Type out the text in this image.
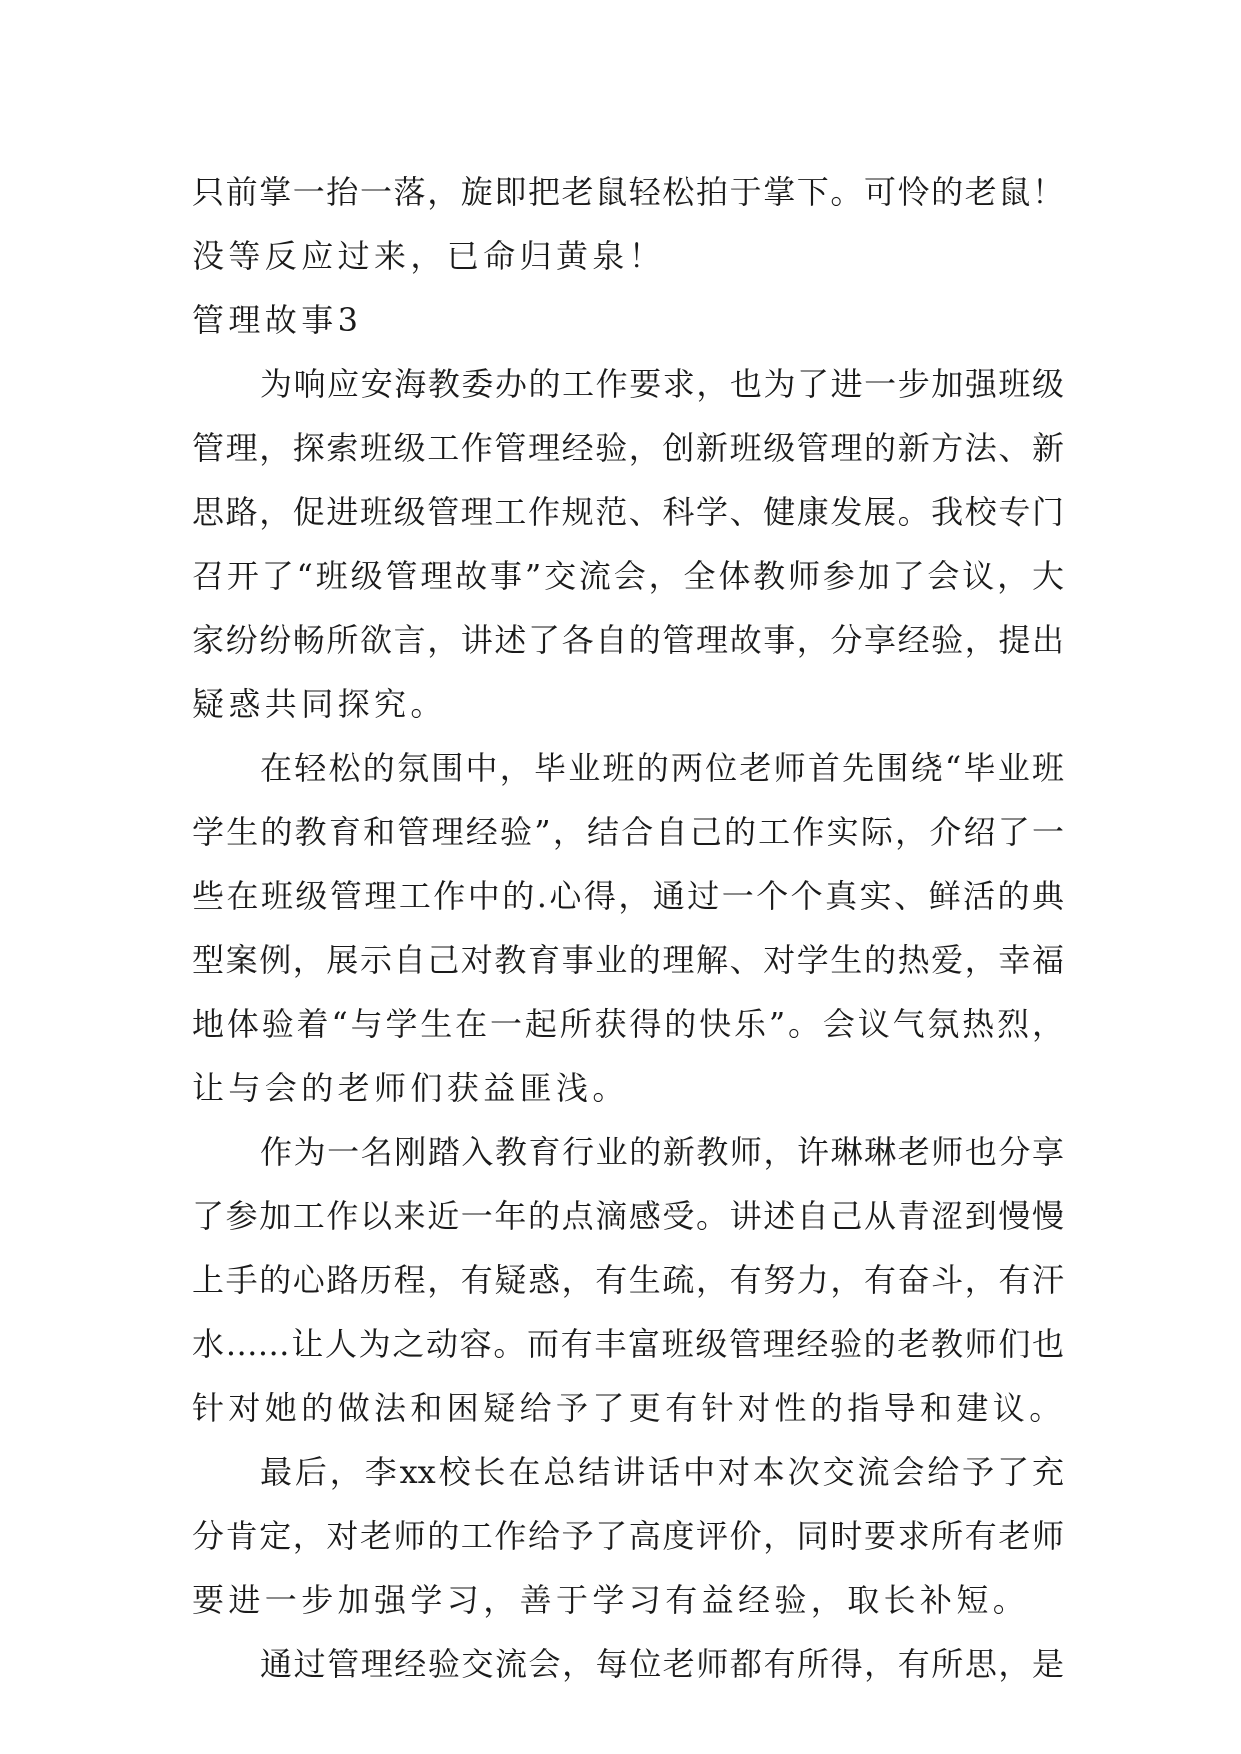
只前掌一抬一落，旋即把老鼠轻松拍于掌下。可怜的老鼠！
没等反应过来，已命归黄泉！
管理故事3
为响应安海教委办的工作要求，也为了进一步加强班级
管理，探索班级工作管理经验，创新班级管理的新方法、新
思路，促进班级管理工作规范、科学、健康发展。我校专门
召开了“班级管理故事”交流会，全体教师参加了会议，大
家纷纷畅所欲言，讲述了各自的管理故事，分享经验，提出
疑惑共同探究。
在轻松的氛围中，毕业班的两位老师首先围绕“毕业班
学生的教育和管理经验”，结合自己的工作实际，介绍了一
些在班级管理工作中的.心得，通过一个个真实、鲜活的典
型案例，展示自己对教育事业的理解、对学生的热爱，幸福
地体验着“与学生在一起所获得的快乐”。会议气氛热烈，
让与会的老师们获益匪浅。
作为一名刚踏入教育行业的新教师，许琳琳老师也分享
了参加工作以来近一年的点滴感受。讲述自己从青涩到慢慢
上手的心路历程，有疑惑，有生疏，有努力，有奋斗，有汗
水……让人为之动容。而有丰富班级管理经验的老教师们也
针对她的做法和困疑给予了更有针对性的指导和建议。
最后，李xx校长在总结讲话中对本次交流会给予了充
分肯定，对老师的工作给予了高度评价，同时要求所有老师
要进一步加强学习，善于学习有益经验，取长补短。
通过管理经验交流会，每位老师都有所得，有所思，是
